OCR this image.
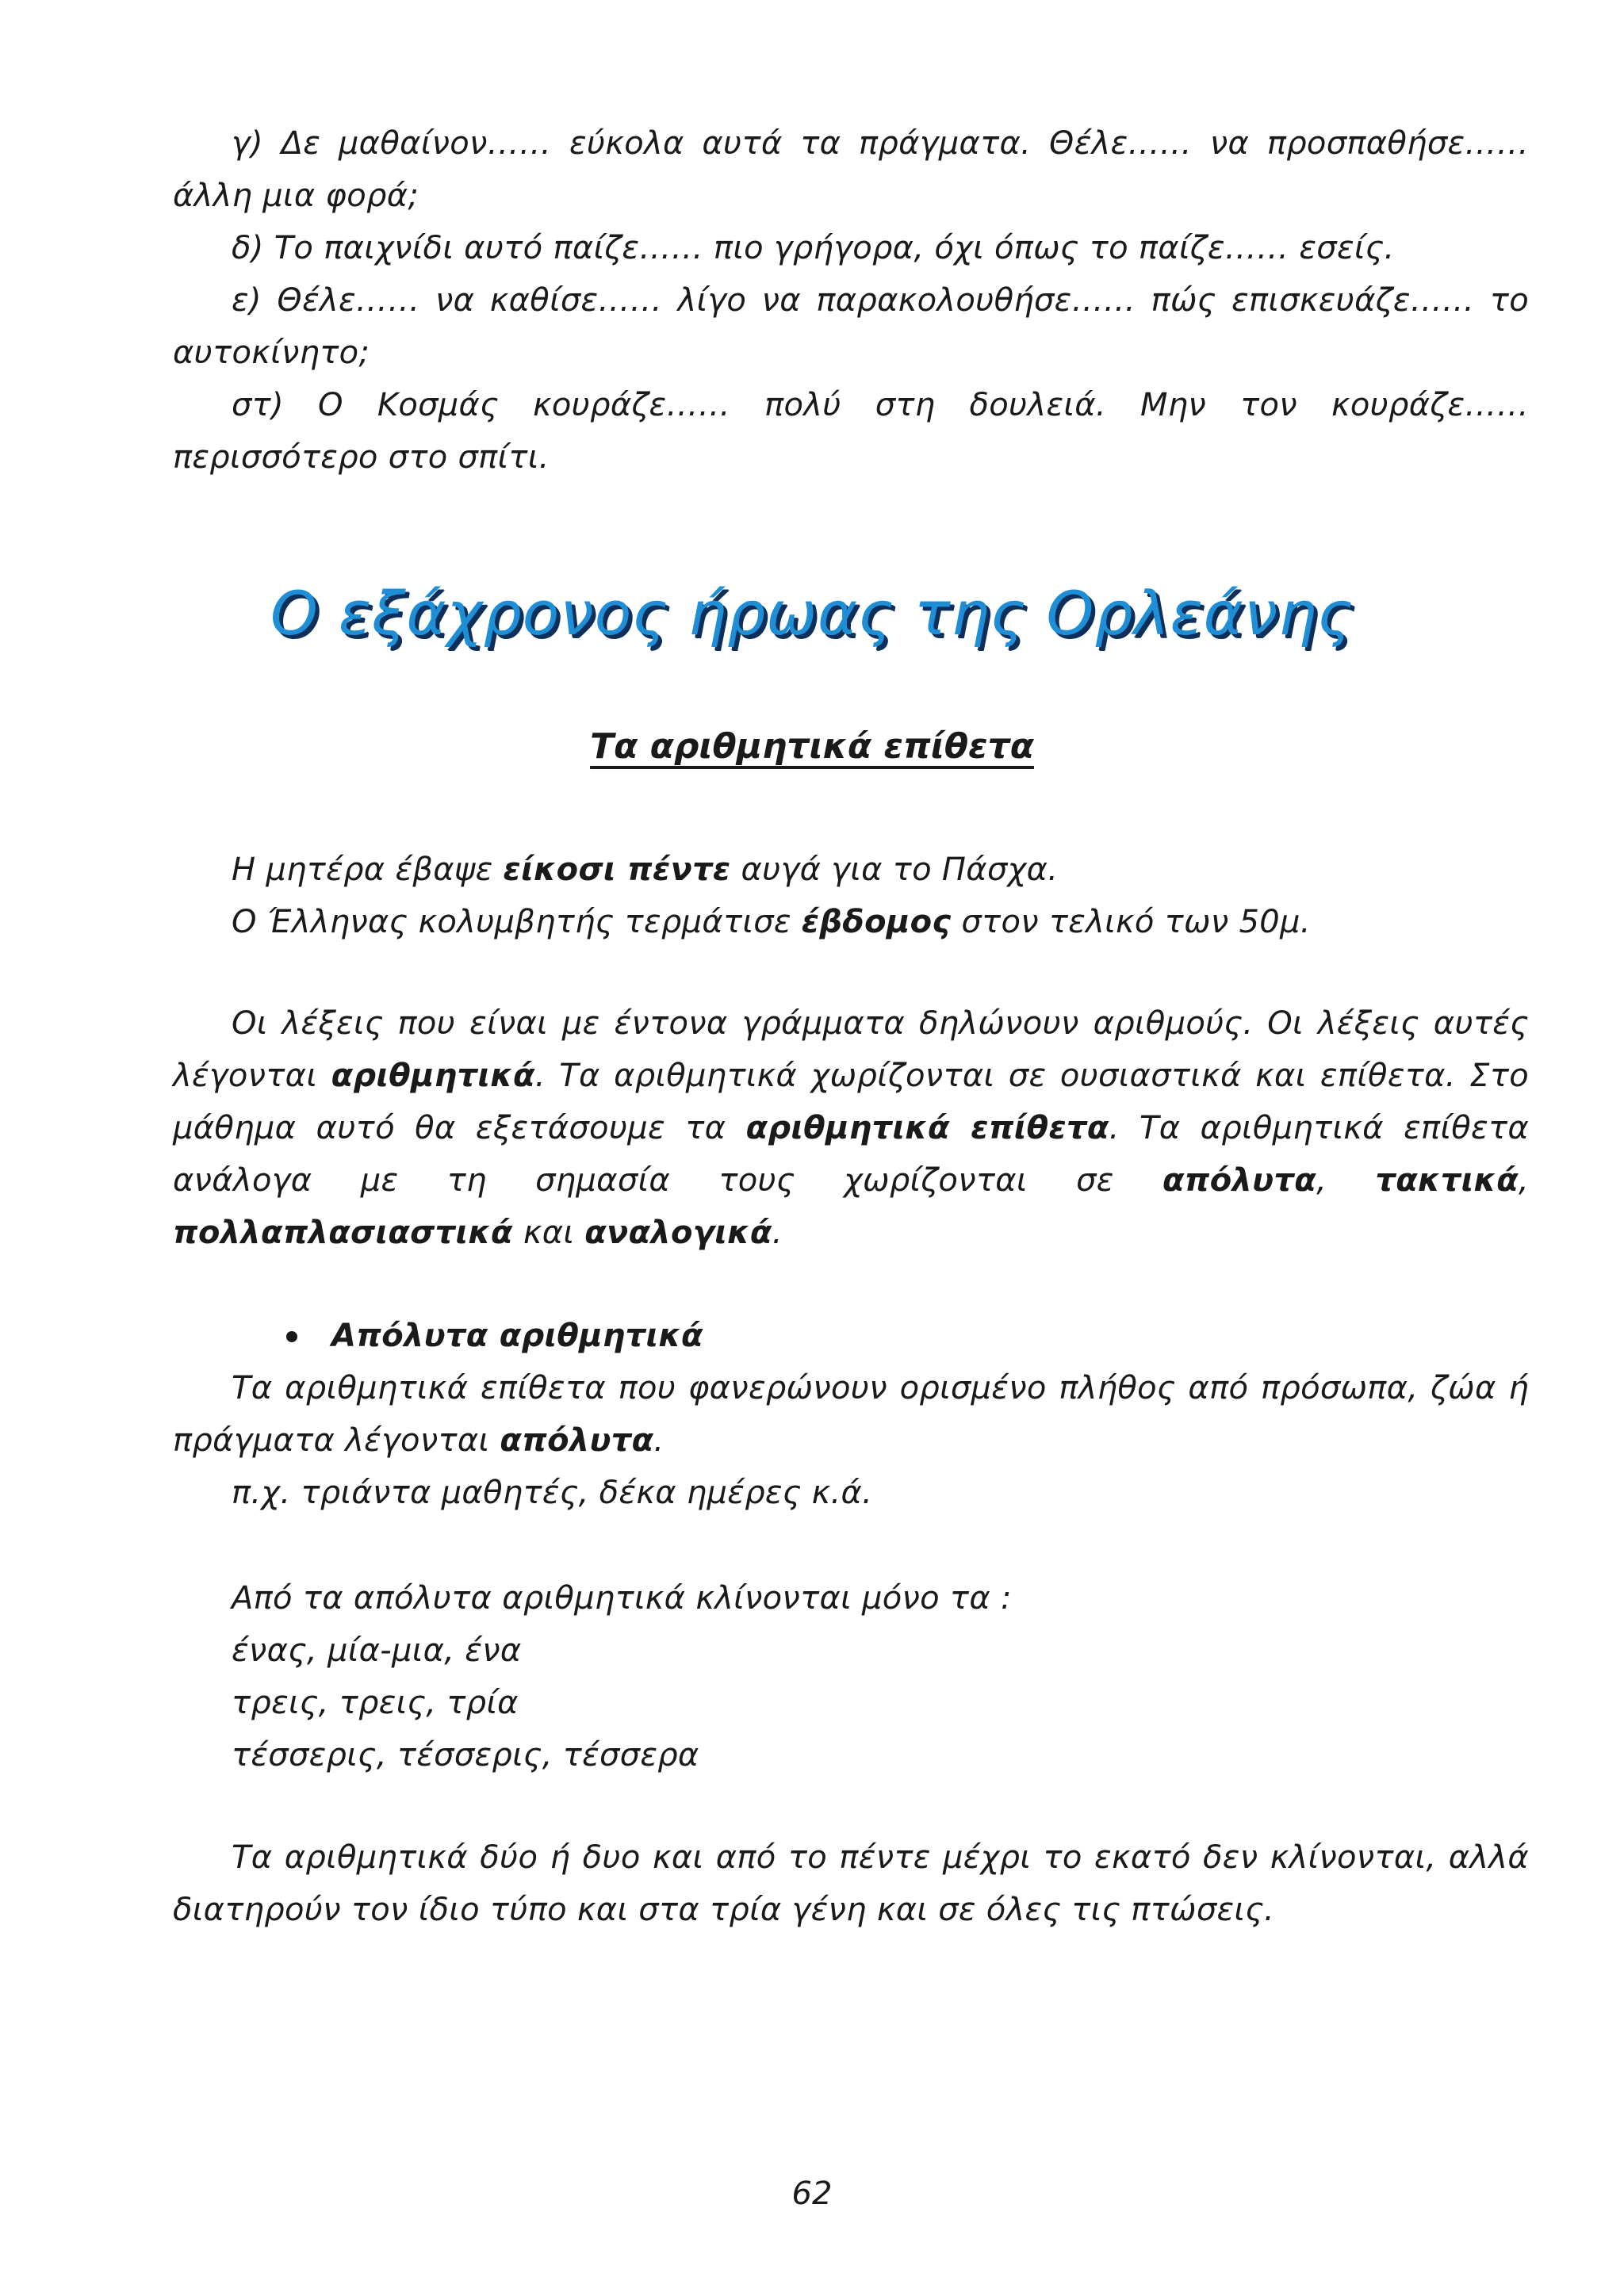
γ) Δε μαθαίνον…… εύκολα αυτά τα πράγματα. Θέλε…… να προσπαθήσε…… άλλη μια φορά;

δ) Το παιχνίδι αυτό παίζε…… πιο γρήγορα, όχι όπως το παίζε…… εσείς.

ε) Θέλε…… να καθίσε…… λίγο να παρακολουθήσε…… πώς επισκευάζε…… το αυτοκίνητο;

στ) Ο Κοσμάς κουράζε…… πολύ στη δουλειά. Μην τον κουράζε…… περισσότερο στο σπίτι.

Ο εξάχρονος ήρωας της Ορλεάνης
Τα αριθμητικά επίθετα

Η μητέρα έβαψε είκοσι πέντε αυγά για το Πάσχα.

Ο Έλληνας κολυμβητής τερμάτισε έβδομος στον τελικό των 50μ.

Οι λέξεις που είναι με έντονα γράμματα δηλώνουν αριθμούς. Οι λέξεις αυτές λέγονται αριθμητικά. Τα αριθμητικά χωρίζονται σε ουσιαστικά και επίθετα. Στο μάθημα αυτό θα εξετάσουμε τα αριθμητικά επίθετα. Τα αριθμητικά επίθετα ανάλογα με τη σημασία τους χωρίζονται σε απόλυτα, τακτικά, πολλαπλασιαστικά και αναλογικά.

Απόλυτα αριθμητικά

Τα αριθμητικά επίθετα που φανερώνουν ορισμένο πλήθος από πρόσωπα, ζώα ή πράγματα λέγονται απόλυτα.

π.χ. τριάντα μαθητές, δέκα ημέρες κ.ά.

Από τα απόλυτα αριθμητικά κλίνονται μόνο τα :

ένας, μία-μια, ένα

τρεις, τρεις, τρία

τέσσερις, τέσσερις, τέσσερα

Τα αριθμητικά δύο ή δυο και από το πέντε μέχρι το εκατό δεν κλίνονται, αλλά διατηρούν τον ίδιο τύπο και στα τρία γένη και σε όλες τις πτώσεις.

62
